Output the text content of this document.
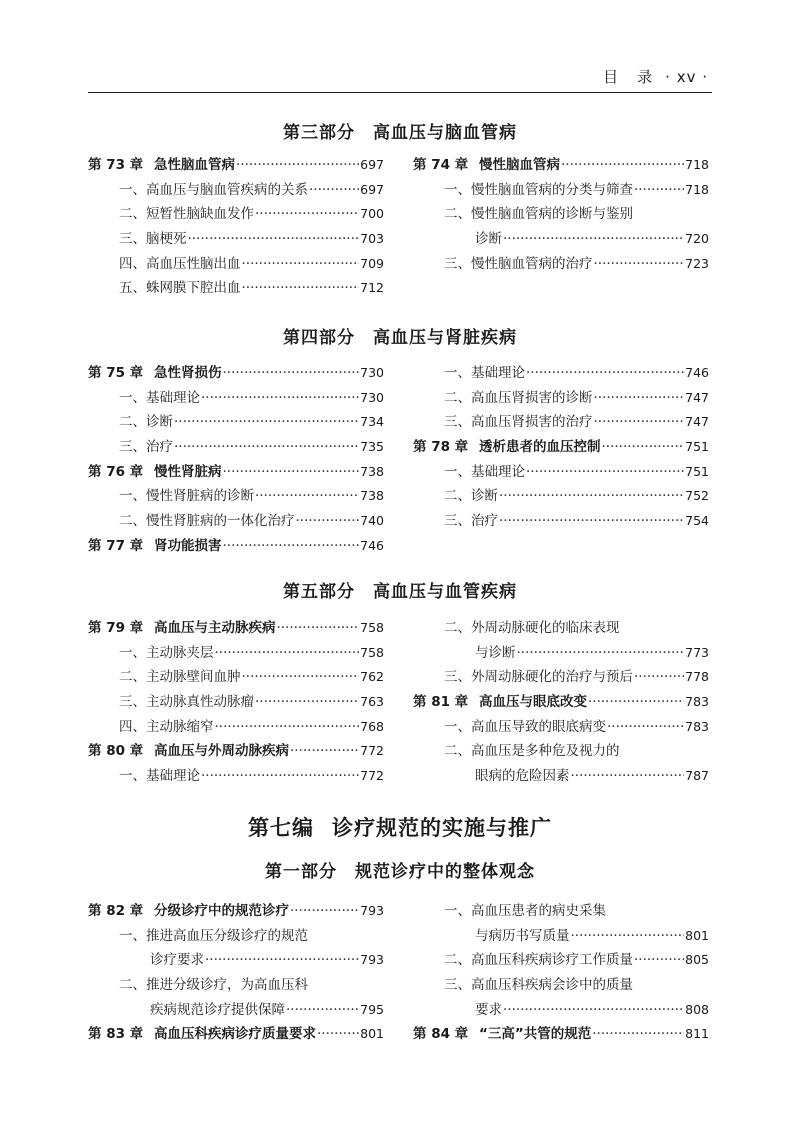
目 录 · xv ·
第三部分 高血压与脑血管病
第 73 章 急性脑血管病 ·····	697
一、高血压与脑血管疾病的关系 ·····	697
二、短暂性脑缺血发作 ·····	700
三、脑梗死 ·····	703
四、高血压性脑出血 ·····	709
五、蛛网膜下腔出血 ·····	712
第 74 章 慢性脑血管病 ·····	718
一、慢性脑血管病的分类与筛查 ·····	718
二、慢性脑血管病的诊断与鉴别
诊断 ·····	720
三、慢性脑血管病的治疗 ·····	723
第四部分 高血压与肾脏疾病
第 75 章 急性肾损伤 ·····	730
一、基础理论 ·····	730
二、诊断 ·····	734
三、治疗 ·····	735
第 76 章 慢性肾脏病 ·····	738
一、慢性肾脏病的诊断 ·····	738
二、慢性肾脏病的一体化治疗 ·····	740
第 77 章 肾功能损害 ·····	746
一、基础理论 ·····	746
二、高血压肾损害的诊断 ·····	747
三、高血压肾损害的治疗 ·····	747
第 78 章 透析患者的血压控制 ·····	751
一、基础理论 ·····	751
二、诊断 ·····	752
三、治疗 ·····	754
第五部分 高血压与血管疾病
第 79 章 高血压与主动脉疾病 ·····	758
一、主动脉夹层 ·····	758
二、主动脉壁间血肿 ·····	762
三、主动脉真性动脉瘤 ·····	763
四、主动脉缩窄 ·····	768
第 80 章 高血压与外周动脉疾病 ·····	772
一、基础理论 ·····	772
二、外周动脉硬化的临床表现
与诊断 ·····	773
三、外周动脉硬化的治疗与预后 ·····	778
第 81 章 高血压与眼底改变 ·····	783
一、高血压导致的眼底病变 ·····	783
二、高血压是多种危及视力的
眼病的危险因素 ·····	787
第七编 诊疗规范的实施与推广
第一部分 规范诊疗中的整体观念
第 82 章 分级诊疗中的规范诊疗 ·····	793
一、推进高血压分级诊疗的规范
诊疗要求 ·····	793
二、推进分级诊疗，为高血压科
疾病规范诊疗提供保障 ·····	795
第 83 章 高血压科疾病诊疗质量要求 ·····	801
一、高血压患者的病史采集
与病历书写质量 ·····	801
二、高血压科疾病诊疗工作质量 ·····	805
三、高血压科疾病会诊中的质量
要求 ·····	808
第 84 章 “三高”共管的规范 ·····	811
